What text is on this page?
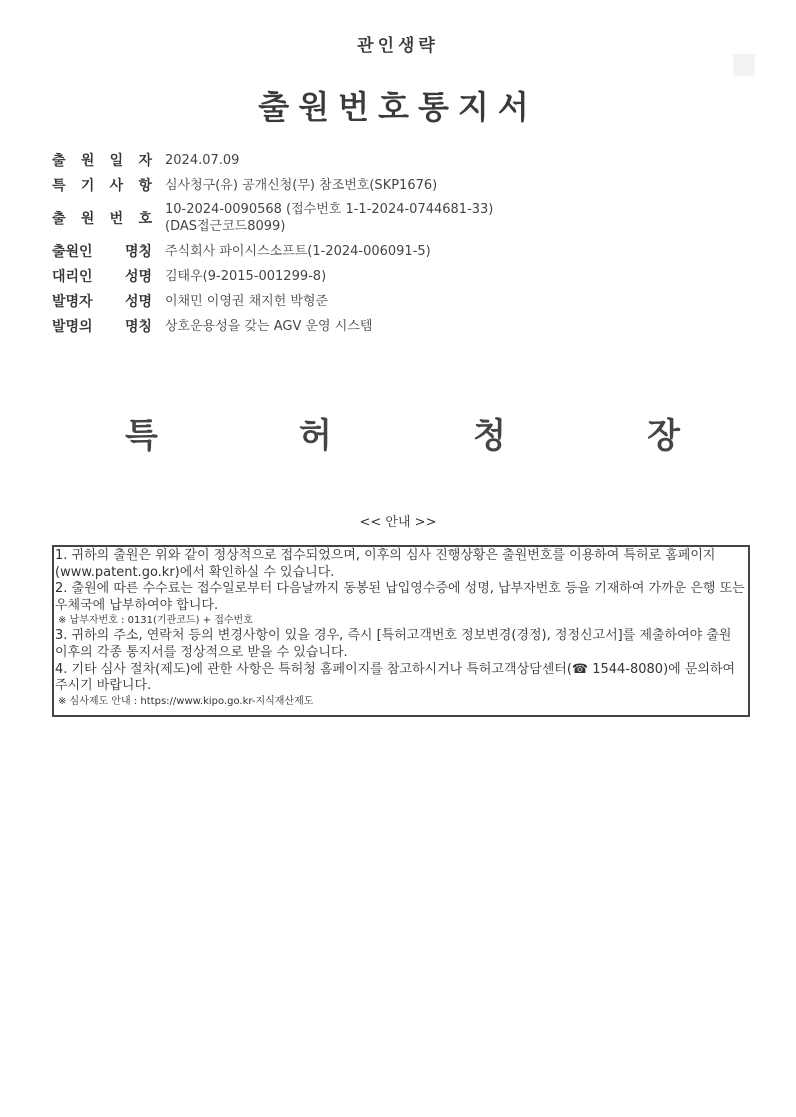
관인생략
출원번호통지서
출 원 일 자 2024.07.09
특 기 사 항 심사청구(유) 공개신청(무) 참조번호(SKP1676)
출 원 번 호
10-2024-0090568 (접수번호 1-1-2024-0744681-33)
(DAS접근코드8099)
출원인 명칭 주식회사 파이시스소프트(1-2024-006091-5)
대리인 성명 김태우(9-2015-001299-8)
발명자 성명 이채민 이영권 채지헌 박형준
발명의 명칭 상호운용성을 갖는 AGV 운영 시스템
특	허	청	장
<< 안내 >>

1. 귀하의 출원은 위와 같이 정상적으로 접수되었으며, 이후의 심사 진행상황은 출원번호를 이용하여 특허로 홈페이지(www.patent.go.kr)에서 확인하실 수 있습니다.

2. 출원에 따른 수수료는 접수일로부터 다음날까지 동봉된 납입영수증에 성명, 납부자번호 등을 기재하여 가까운 은행 또는 우체국에 납부하여야 합니다.

※ 납부자번호 : 0131(기관코드) + 접수번호

3. 귀하의 주소, 연락처 등의 변경사항이 있을 경우, 즉시 [특허고객번호 정보변경(경정), 정정신고서]를 제출하여야 출원 이후의 각종 통지서를 정상적으로 받을 수 있습니다.

4. 기타 심사 절차(제도)에 관한 사항은 특허청 홈페이지를 참고하시거나 특허고객상담센터(☎ 1544-8080)에 문의하여 주시기 바랍니다.

※ 심사제도 안내 : https://www.kipo.go.kr-지식재산제도
